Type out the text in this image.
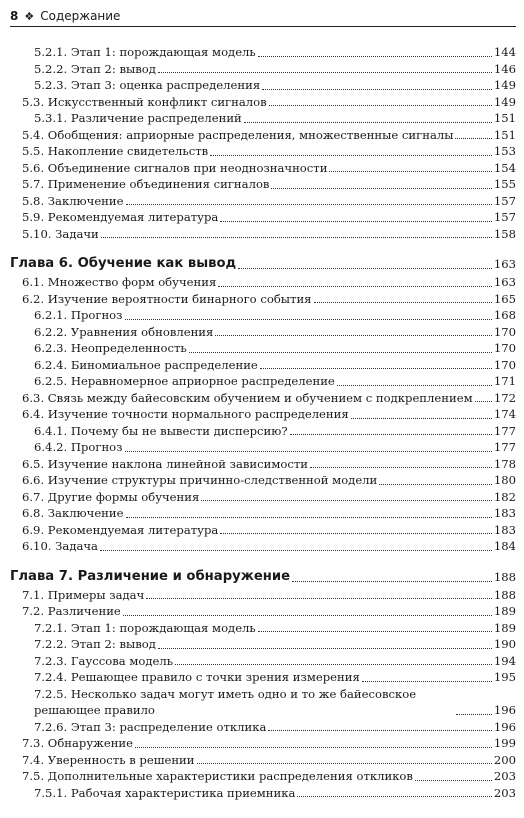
8 ❖ Содержание
5.2.1. Этап 1: порождающая модель	144
5.2.2. Этап 2: вывод	146
5.2.3. Этап 3: оценка распределения	149
5.3. Искусственный конфликт сигналов	149
5.3.1. Различение распределений	151
5.4. Обобщения: априорные распределения, множественные сигналы	151
5.5. Накопление свидетельств	153
5.6. Объединение сигналов при неоднозначности	154
5.7. Применение объединения сигналов	155
5.8. Заключение	157
5.9. Рекомендуемая литература	157
5.10. Задачи	158
Глава 6. Обучение как вывод	163
6.1. Множество форм обучения	163
6.2. Изучение вероятности бинарного события	165
6.2.1. Прогноз	168
6.2.2. Уравнения обновления	170
6.2.3. Неопределенность	170
6.2.4. Биномиальное распределение	170
6.2.5. Неравномерное априорное распределение	171
6.3. Связь между байесовским обучением и обучением с подкреплением 172
6.4. Изучение точности нормального распределения	174
6.4.1. Почему бы не вывести дисперсию?	177
6.4.2. Прогноз	177
6.5. Изучение наклона линейной зависимости	178
6.6. Изучение структуры причинно-следственной модели	180
6.7. Другие формы обучения	182
6.8. Заключение	183
6.9. Рекомендуемая литература	183
6.10. Задача	184
Глава 7. Различение и обнаружение	188
7.1. Примеры задач	188
7.2. Различение	189
7.2.1. Этап 1: порождающая модель	189
7.2.2. Этап 2: вывод	190
7.2.3. Гауссова модель	194
7.2.4. Решающее правило с точки зрения измерения	195
7.2.5. Несколько задач могут иметь одно и то же байесовское решающее правило	196
7.2.6. Этап 3: распределение отклика	196
7.3. Обнаружение	199
7.4. Уверенность в решении	200
7.5. Дополнительные характеристики распределения откликов	203
7.5.1. Рабочая характеристика приемника	203
